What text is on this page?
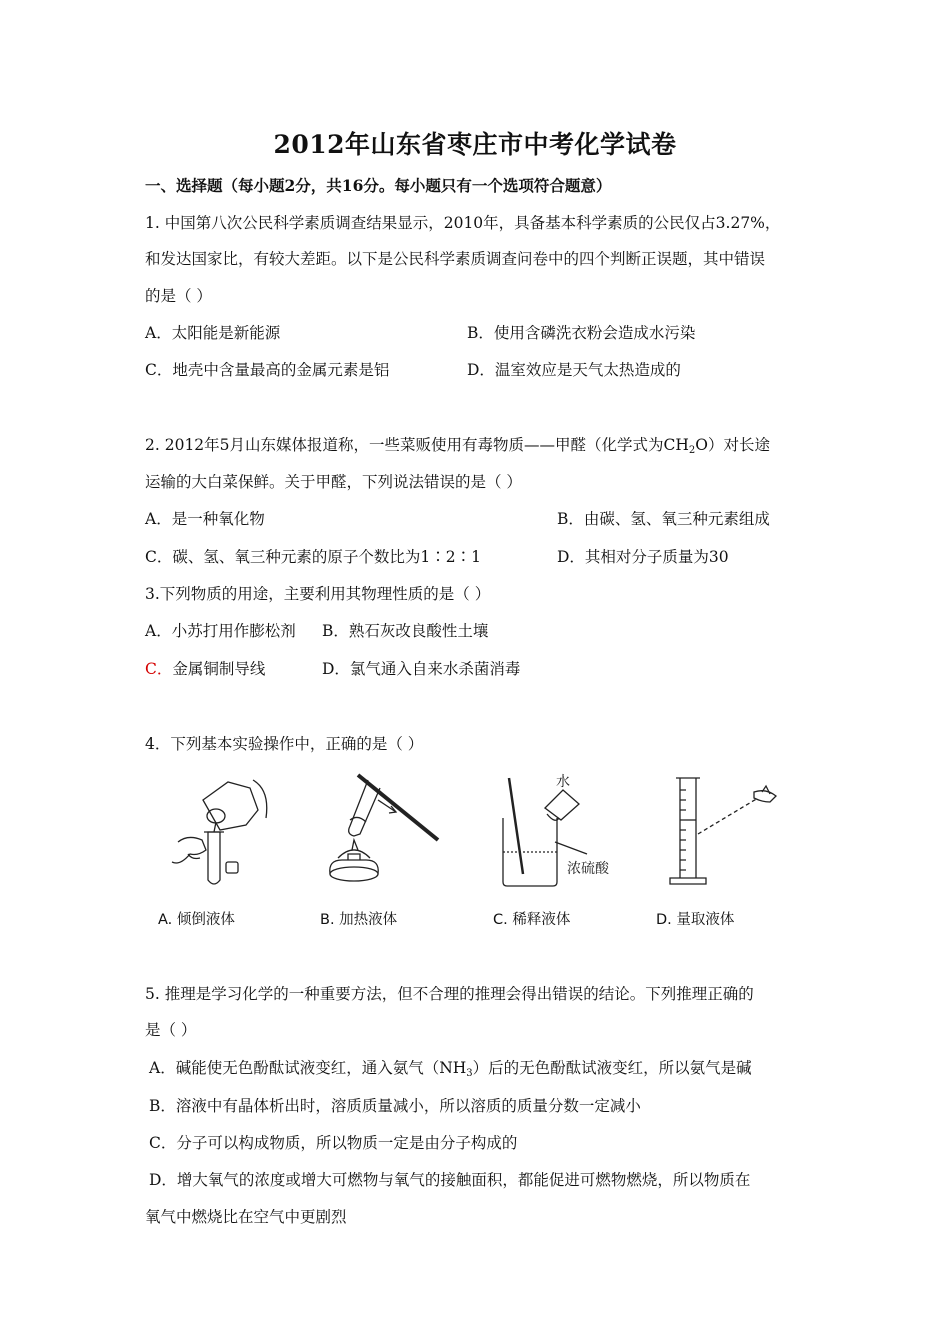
2012年山东省枣庄市中考化学试卷
一、选择题（每小题2分，共16分。每小题只有一个选项符合题意）
1. 中国第八次公民科学素质调查结果显示，2010年，具备基本科学素质的公民仅占3.27%，
和发达国家比，有较大差距。以下是公民科学素质调查问卷中的四个判断正误题，其中错误
的是（ ）
A．太阳能是新能源	B．使用含磷洗衣粉会造成水污染
C．地壳中含量最高的金属元素是铝	D．温室效应是天气太热造成的
2. 2012年5月山东媒体报道称，一些菜贩使用有毒物质——甲醛（化学式为$CH_2O$）对长途
运输的大白菜保鲜。关于甲醛，下列说法错误的是（ ）
A．是一种氧化物	B．由碳、氢、氧三种元素组成
C．碳、氢、氧三种元素的原子个数比为1∶2∶1	D．其相对分子质量为30
3.下列物质的用途，主要利用其物理性质的是（ ）
A．小苏打用作膨松剂 B．熟石灰改良酸性土壤
C．金属铜制导线	D．氯气通入自来水杀菌消毒
4．下列基本实验操作中，正确的是（ ）
水
浓硫酸
A. 倾倒液体	B. 加热液体	C. 稀释液体	D. 量取液体
5. 推理是学习化学的一种重要方法，但不合理的推理会得出错误的结论。下列推理正确的
是（ ）
A．碱能使无色酚酞试液变红，通入氨气$(NH_3)$后的无色酚酞试液变红，所以氨气是碱
B．溶液中有晶体析出时，溶质质量减小，所以溶质的质量分数一定减小
C．分子可以构成物质，所以物质一定是由分子构成的
D．增大氧气的浓度或增大可燃物与氧气的接触面积，都能促进可燃物燃烧，所以物质在
氧气中燃烧比在空气中更剧烈
